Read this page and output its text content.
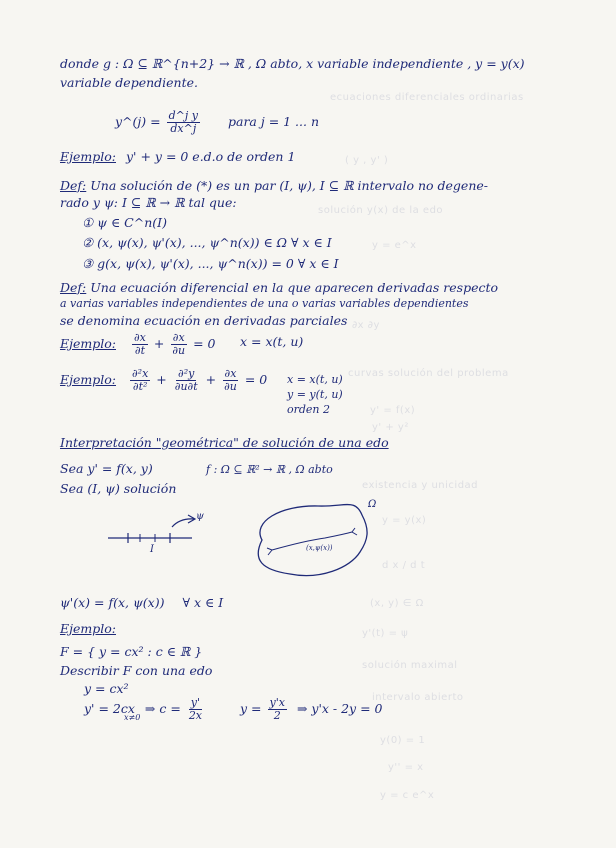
ecuaciones diferenciales ordinarias
( y , y' )
solución y(x) de la edo
y = e^x
∂x ∂y
curvas solución del problema
y' = f(x)
y' + y²
existencia y unicidad
y = y(x)
d x / d t
(x, y) ∈ Ω
y'(t) = ψ
solución maximal
intervalo abierto
y(0) = 1
y'' = x
y = c e^x
donde g : Ω ⊆ ℝ^{n+2} → ℝ , Ω abto, x variable independiente , y = y(x)
variable dependiente.
y^(j) = $\frac{\text{d\textasciicircum{}j y}}{dx\^{}j}$ para j = 1 ... n
Ejemplo: y' + y = 0 e.d.o de orden 1
Def: Una solución de (*) es un par (I, ψ), I ⊆ ℝ intervalo no degene-
rado y ψ: I ⊆ ℝ → ℝ tal que:
① ψ ∈ C^n(I)
② (x, ψ(x), ψ'(x), ..., ψ^n(x)) ∈ Ω ∀ x ∈ I
③ g(x, ψ(x), ψ'(x), ..., ψ^n(x)) = 0 ∀ x ∈ I
Def: Una ecuación diferencial en la que aparecen derivadas respecto
a varias variables independientes de una o varias variables dependientes
se denomina ecuación en derivadas parciales
Ejemplo: $\frac{\partial x}{\partial t} + \frac{\partial x}{\partial u} = 0$ x = x(t, u)
Ejemplo: $\frac{\text{∂²x}}{\text{∂t²}} + \frac{\text{∂²y}}{\partial u\partial t} + \frac{\partial x}{\partial u} = 0$ x = x(t, u)
y = y(t, u)
orden 2
Interpretación "geométrica" de solución de una edo
Sea y' = f(x, y)	f : Ω ⊆ ℝ² → ℝ , Ω abto
Sea (I, ψ) solución
I
ψ
Ω
(x,ψ(x))
ψ'(x) = f(x, ψ(x)) ∀ x ∈ I
Ejemplo:
F = { y = cx² : c ∈ ℝ }
Describir F con una edo
y = cx²
y' = 2cx ⇒ $c = \frac{y'}{2x}$	$y = \frac{y'x}{2}$ ⇒ y'x - 2y = 0
x≠0
